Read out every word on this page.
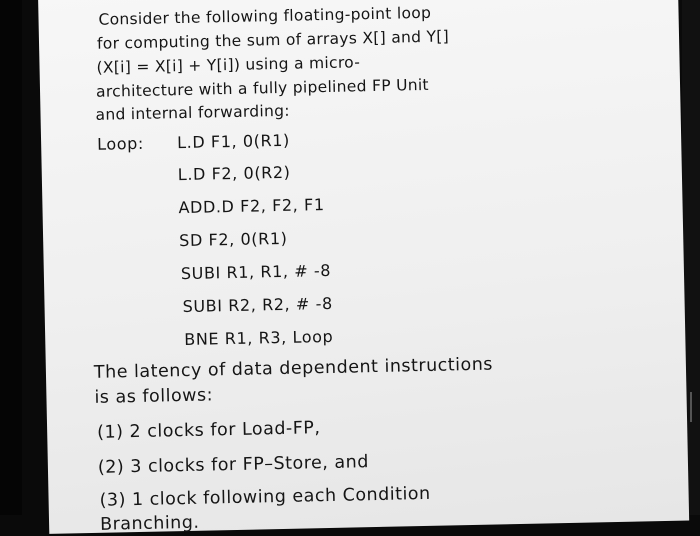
Consider the following floating-point loop
for computing the sum of arrays X[] and Y[]
(X[i] = X[i] + Y[i]) using a micro-
architecture with a fully pipelined FP Unit
and internal forwarding:
Loop: L.D F1, 0(R1)
L.D F2, 0(R2)
ADD.D F2, F2, F1
SD F2, 0(R1)
SUBI R1, R1, # -8
SUBI R2, R2, # -8
BNE R1, R3, Loop
The latency of data dependent instructions
is as follows:
(1) 2 clocks for Load-FP,
(2) 3 clocks for FP–Store, and
(3) 1 clock following each Condition
Branching.
